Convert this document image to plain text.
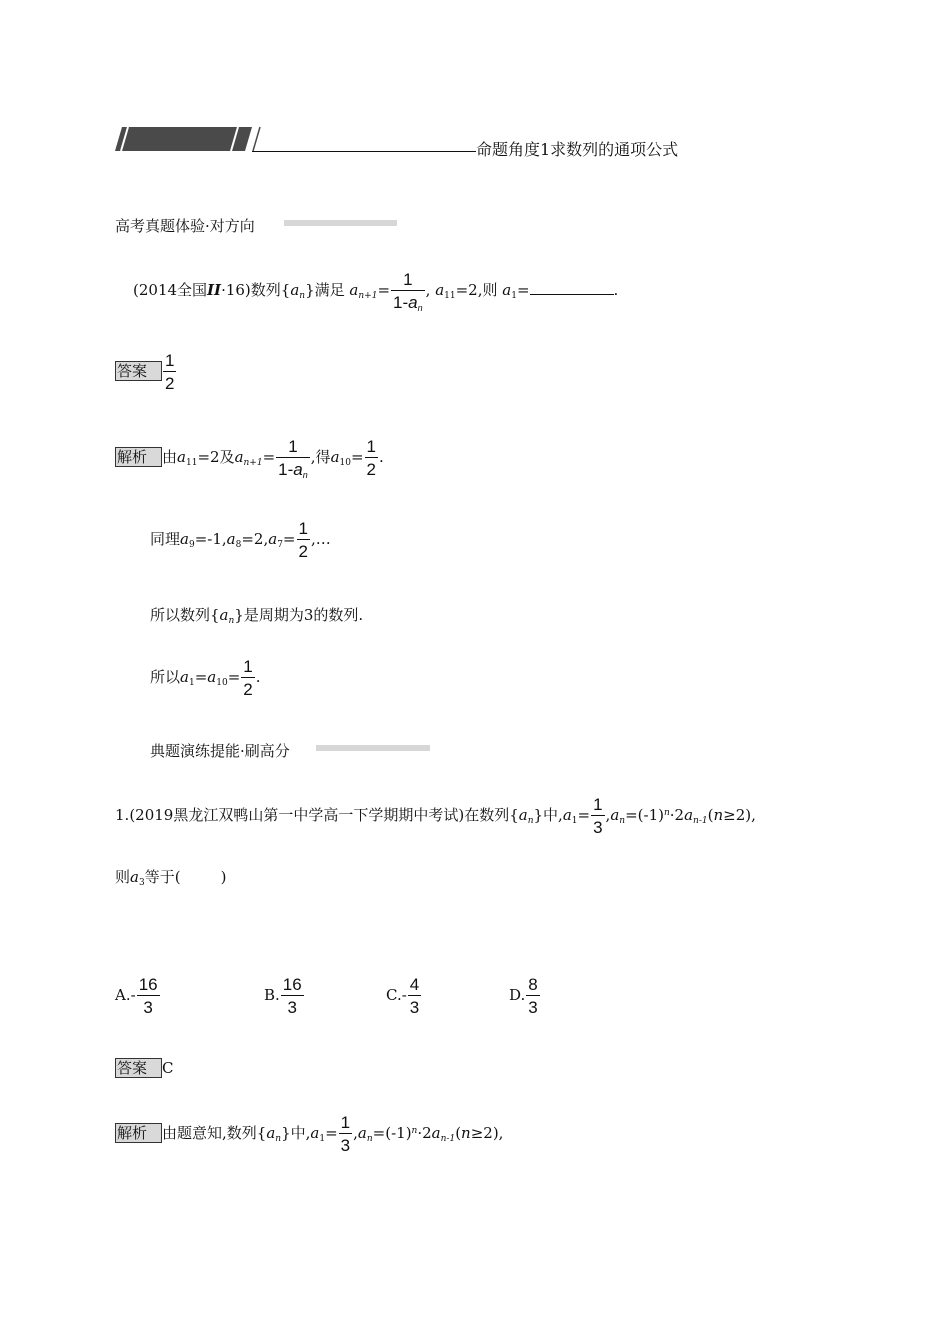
命题角度1求数列的通项公式
高考真题体验·对方向
(2014全国II·16)数列$\{a_n\}$满足 $a_{n+1}= \frac{1}{1-an}$ , $a_{11}=2$,则 $a_1=$	.
答案 $\frac{1}{2}$
解析 由$a_{11}=2$及$a_{n+1}= \frac{1}{1-an}$ ,得$a_{10}= \frac{1}{2}$ .
同理$a_9=-1,a_8=2,a_7= \frac{1}{2}$ ,…
所以数列$\{a_n\}$是周期为3的数列.
所以$a_1=a_{10}= \frac{1}{2}$ .
典题演练提能·刷高分
1.(2019黑龙江双鸭山第一中学高一下学期期中考试)在数列$\{a_n\}$中$,a_1= \frac{1}{3} ,a_n=(-1)^n\cdot 2a_{n-1}(n\ge 2)$,
则$a_3$等于(	)
$A.- \frac{16}{3}$	B. $\frac{16}{3}$	$C.- \frac{4}{3}$	D. $\frac{8}{3}$
答案 C
解析 由题意知,数列$\{a_n\}$中$,a_1= \frac{1}{3} ,a_n=(-1)^n\cdot 2a_{n-1}(n\ge 2)$,
